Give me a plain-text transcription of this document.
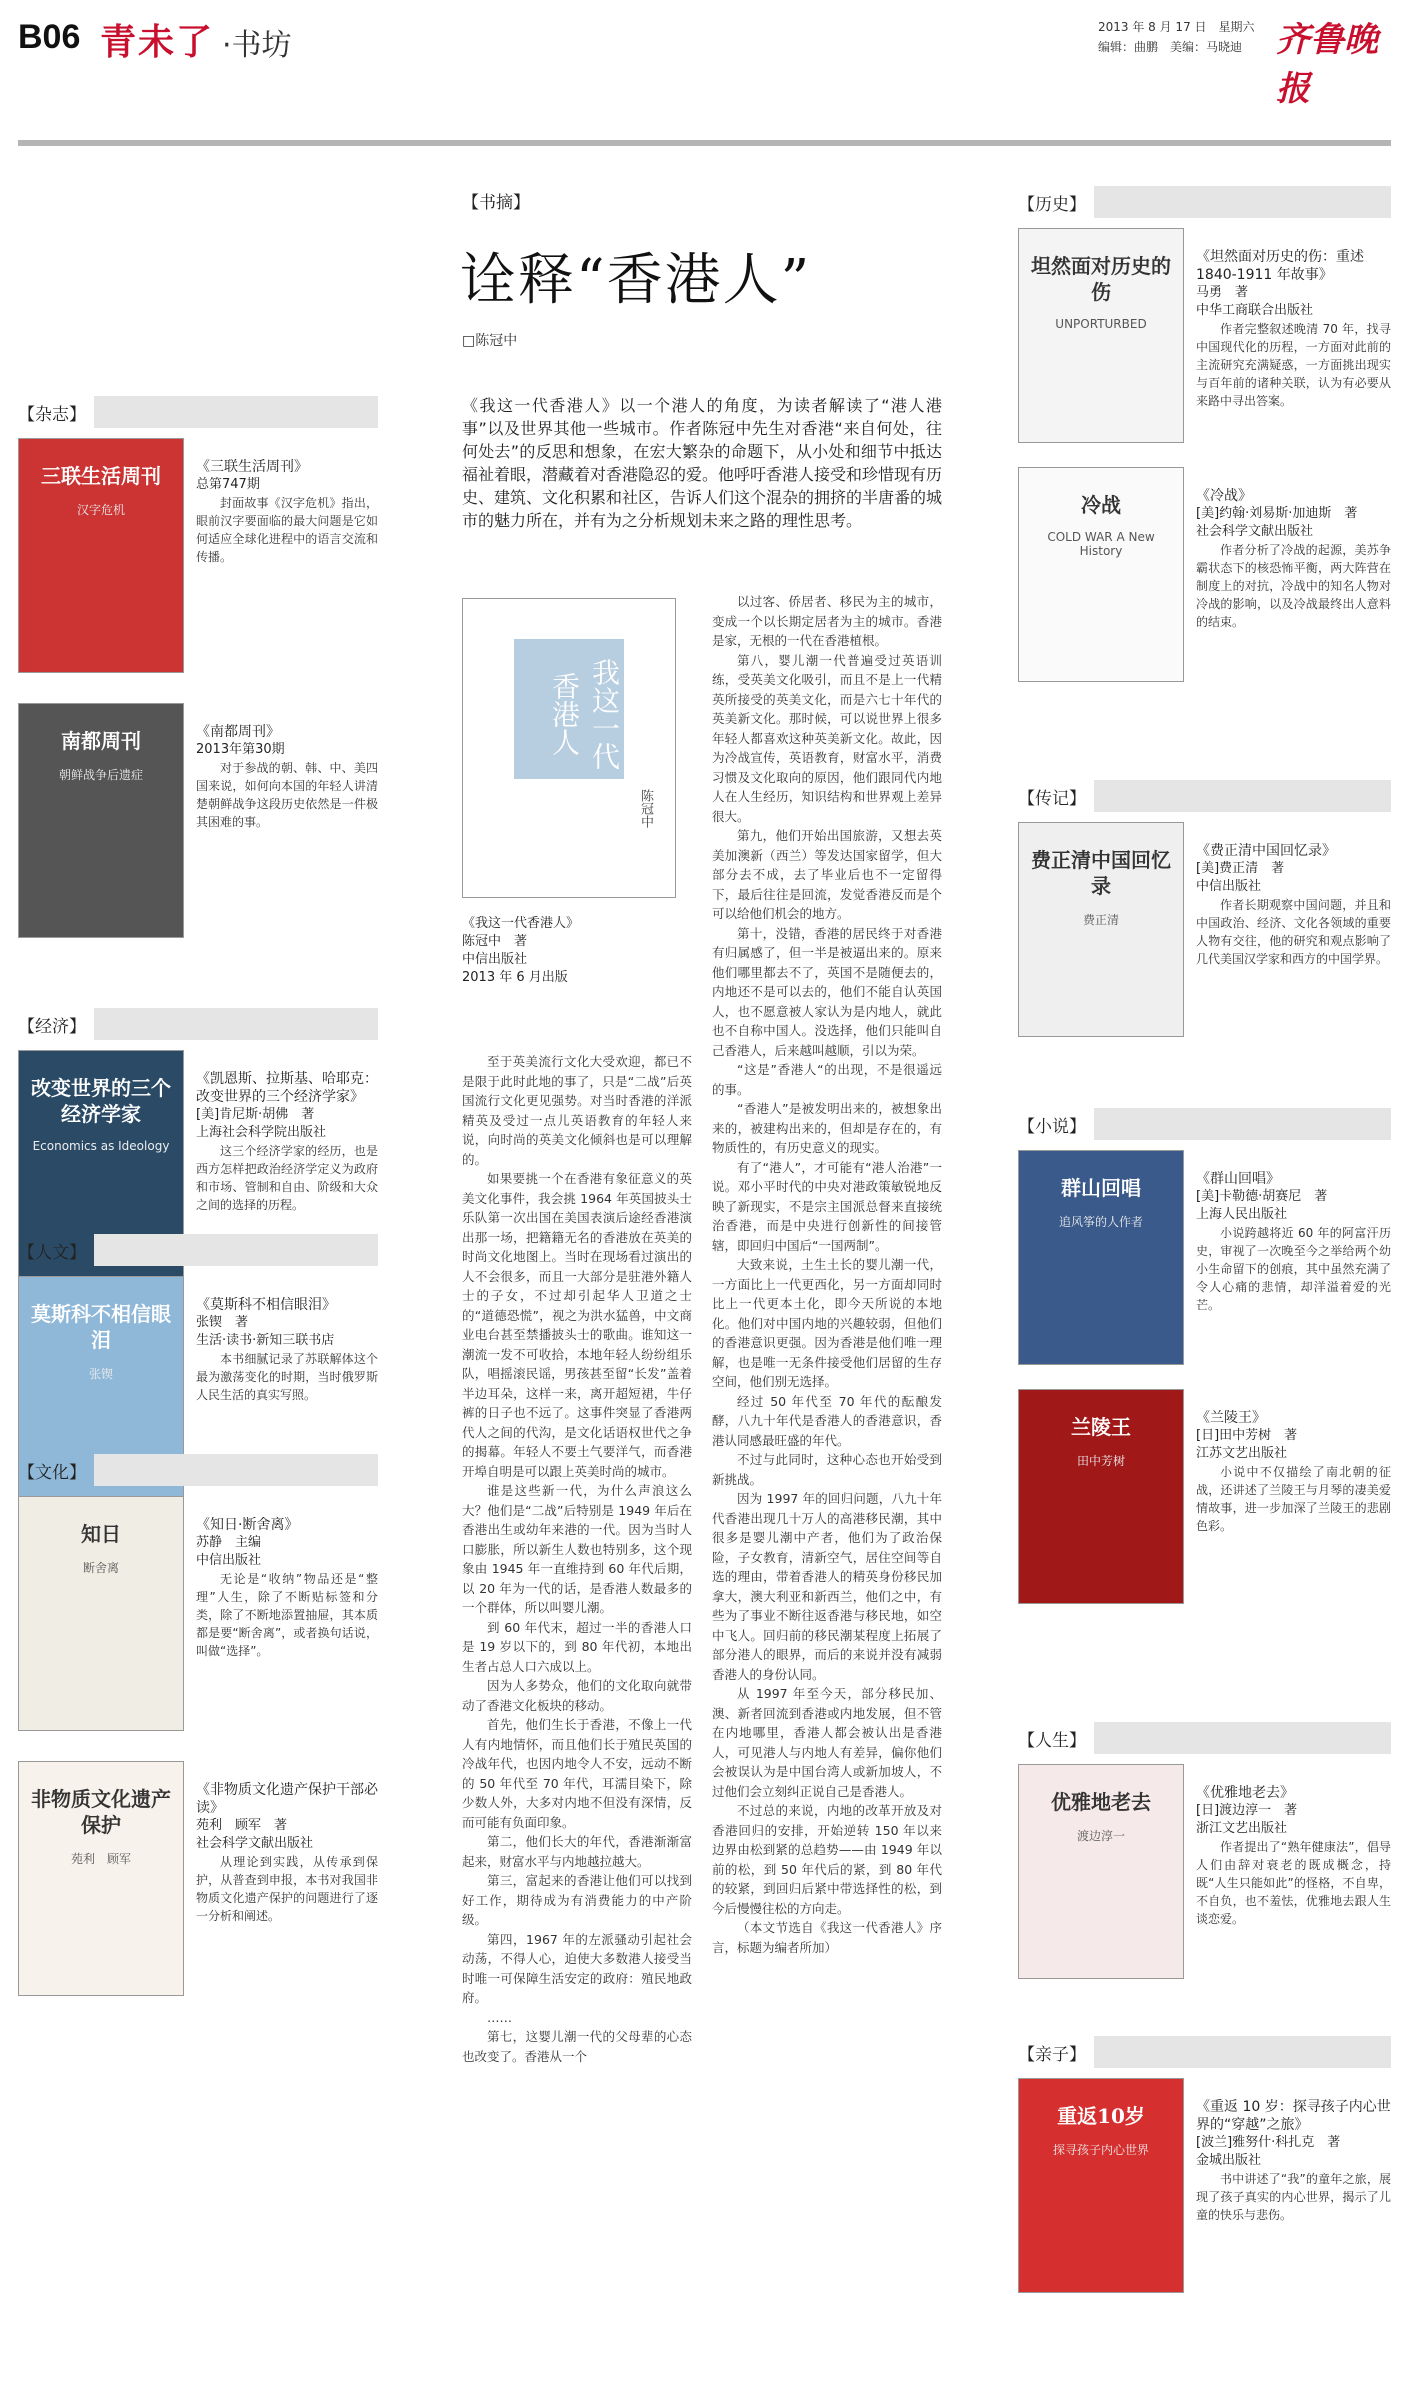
B06 青未了 ·书坊
2013 年 8 月 17 日　星期六
编辑：曲鹏　美编：马晓迪 齐鲁晚报
【书摘】
诠释“香港人”
□陈冠中
《我这一代香港人》以一个港人的角度，为读者解读了“港人港事”以及世界其他一些城市。作者陈冠中先生对香港“来自何处，往何处去”的反思和想象，在宏大繁杂的命题下，从小处和细节中抵达福祉着眼，潜藏着对香港隐忍的爱。他呼吁香港人接受和珍惜现有历史、建筑、文化积累和社区，告诉人们这个混杂的拥挤的半唐番的城市的魅力所在，并有为之分析规划未来之路的理性思考。
我这一代香港人
陈冠中
《我这一代香港人》
陈冠中　著
中信出版社
2013 年 6 月出版

至于英美流行文化大受欢迎，都已不是限于此时此地的事了，只是“二战”后英国流行文化更见强势。对当时香港的洋派精英及受过一点儿英语教育的年轻人来说，向时尚的英美文化倾斜也是可以理解的。

如果要挑一个在香港有象征意义的英美文化事件，我会挑 1964 年英国披头士乐队第一次出国在美国表演后途经香港演出那一场，把籍籍无名的香港放在英美的时尚文化地图上。当时在现场看过演出的人不会很多，而且一大部分是驻港外籍人士的子女，不过却引起华人卫道之士的“道德恐慌”，视之为洪水猛兽，中文商业电台甚至禁播披头士的歌曲。谁知这一潮流一发不可收拾，本地年轻人纷纷组乐队，唱摇滚民谣，男孩甚至留“长发”盖着半边耳朵，这样一来，离开超短裙，牛仔裤的日子也不远了。这事件突显了香港两代人之间的代沟，是文化话语权世代之争的揭幕。年轻人不要土气要洋气，而香港开埠自明是可以跟上英美时尚的城市。

谁是这些新一代，为什么声浪这么大？他们是“二战”后特别是 1949 年后在香港出生或幼年来港的一代。因为当时人口膨胀，所以新生人数也特别多，这个现象由 1945 年一直维持到 60 年代后期，以 20 年为一代的话，是香港人数最多的一个群体，所以叫婴儿潮。

到 60 年代末，超过一半的香港人口是 19 岁以下的，到 80 年代初，本地出生者占总人口六成以上。

因为人多势众，他们的文化取向就带动了香港文化板块的移动。

首先，他们生长于香港，不像上一代人有内地情怀，而且他们长于殖民英国的冷战年代，也因内地令人不安，远动不断的 50 年代至 70 年代，耳濡目染下，除少数人外，大多对内地不但没有深情，反而可能有负面印象。

第二，他们长大的年代，香港渐渐富起来，财富水平与内地越拉越大。

第三，富起来的香港让他们可以找到好工作，期待成为有消费能力的中产阶级。

第四，1967 年的左派骚动引起社会动荡，不得人心，迫使大多数港人接受当时唯一可保障生活安定的政府：殖民地政府。

……

第七，这婴儿潮一代的父母辈的心态也改变了。香港从一个

以过客、侨居者、移民为主的城市，变成一个以长期定居者为主的城市。香港是家，无根的一代在香港植根。

第八，婴儿潮一代普遍受过英语训练，受英美文化吸引，而且不是上一代精英所接受的英美文化，而是六七十年代的英美新文化。那时候，可以说世界上很多年轻人都喜欢这种英美新文化。故此，因为冷战宣传，英语教育，财富水平，消费习惯及文化取向的原因，他们跟同代内地人在人生经历，知识结构和世界观上差异很大。

第九，他们开始出国旅游，又想去英美加澳新（西兰）等发达国家留学，但大部分去不成，去了毕业后也不一定留得下，最后往往是回流，发觉香港反而是个可以给他们机会的地方。

第十，没错，香港的居民终于对香港有归属感了，但一半是被逼出来的。原来他们哪里都去不了，英国不是随便去的，内地还不是可以去的，他们不能自认英国人，也不愿意被人家认为是内地人，就此也不自称中国人。没选择，他们只能叫自己香港人，后来越叫越顺，引以为荣。

“这是”香港人“的出现，不是很遥远的事。

“香港人”是被发明出来的，被想象出来的，被建构出来的，但却是存在的，有物质性的，有历史意义的现实。

有了“港人”，才可能有“港人治港”一说。邓小平时代的中央对港政策敏锐地反映了新现实，不是宗主国派总督来直接统治香港，而是中央进行创新性的间接管辖，即回归中国后“一国两制”。

大致来说，土生土长的婴儿潮一代，一方面比上一代更西化，另一方面却同时比上一代更本土化，即今天所说的本地化。他们对中国内地的兴趣较弱，但他们的香港意识更强。因为香港是他们唯一理解，也是唯一无条件接受他们居留的生存空间，他们别无选择。

经过 50 年代至 70 年代的酝酿发酵，八九十年代是香港人的香港意识，香港认同感最旺盛的年代。

不过与此同时，这种心态也开始受到新挑战。

因为 1997 年的回归问题，八九十年代香港出现几十万人的高港移民潮，其中很多是婴儿潮中产者，他们为了政治保险，子女教育，清新空气，居住空间等自选的理由，带着香港人的精英身份移民加拿大，澳大利亚和新西兰，他们之中，有些为了事业不断往返香港与移民地，如空中飞人。回归前的移民潮某程度上拓展了部分港人的眼界，而后的来说并没有减弱香港人的身份认同。

从 1997 年至今天，部分移民加、澳、新者回流到香港或内地发展，但不管在内地哪里，香港人都会被认出是香港人，可见港人与内地人有差异，偏你他们会被误认为是中国台湾人或新加坡人，不过他们会立刻纠正说自己是香港人。

不过总的来说，内地的改革开放及对香港回归的安排，开始逆转 150 年以来边界由松到紧的总趋势——由 1949 年以前的松，到 50 年代后的紧，到 80 年代的较紧，到回归后紧中带选择性的松，到今后慢慢往松的方向走。

（本文节选自《我这一代香港人》序言，标题为编者所加）

【杂志】
三联生活周刊
汉字危机
《三联生活周刊》
总第747期
封面故事《汉字危机》指出，眼前汉字要面临的最大问题是它如何适应全球化进程中的语言交流和传播。
南都周刊
朝鲜战争后遗症
《南都周刊》
2013年第30期
对于参战的朝、韩、中、美四国来说，如何向本国的年轻人讲清楚朝鲜战争这段历史依然是一件极其困难的事。
【经济】
改变世界的三个经济学家
Economics as Ideology
《凯恩斯、拉斯基、哈耶克：改变世界的三个经济学家》
[美]肯尼斯·胡佛　著
上海社会科学院出版社
这三个经济学家的经历，也是西方怎样把政治经济学定义为政府和市场、管制和自由、阶级和大众之间的选择的历程。
【人文】
莫斯科不相信眼泪
张锲
《莫斯科不相信眼泪》
张锲　著
生活·读书·新知三联书店
本书细腻记录了苏联解体这个最为激荡变化的时期，当时俄罗斯人民生活的真实写照。
【文化】
知日
断舍离
《知日·断舍离》
苏静　主编
中信出版社
无论是“收纳”物品还是“整理”人生，除了不断贴标签和分类，除了不断地添置抽屉，其本质都是要“断舍离”，或者换句话说，叫做“选择”。
非物质文化遗产保护
苑利　顾军
《非物质文化遗产保护干部必读》
苑利　顾军　著
社会科学文献出版社
从理论到实践，从传承到保护，从普查到申报，本书对我国非物质文化遗产保护的问题进行了逐一分析和阐述。
【历史】
坦然面对历史的伤
UNPORTURBED
《坦然面对历史的伤：重述1840-1911 年故事》
马勇　著
中华工商联合出版社
作者完整叙述晚清 70 年，找寻中国现代化的历程，一方面对此前的主流研究充满疑惑，一方面挑出现实与百年前的诸种关联，认为有必要从来路中寻出答案。
冷战
COLD WAR A New History
《冷战》
[美]约翰·刘易斯·加迪斯　著
社会科学文献出版社
作者分析了冷战的起源，美苏争霸状态下的核恐怖平衡，两大阵营在制度上的对抗，冷战中的知名人物对冷战的影响，以及冷战最终出人意料的结束。
【传记】
费正清中国回忆录
费正清
《费正清中国回忆录》
[美]费正清　著
中信出版社
作者长期观察中国问题，并且和中国政治、经济、文化各领域的重要人物有交往，他的研究和观点影响了几代美国汉学家和西方的中国学界。
【小说】
群山回唱
追风筝的人作者
《群山回唱》
[美]卡勒德·胡赛尼　著
上海人民出版社
小说跨越将近 60 年的阿富汗历史，审视了一次晚至今之举给两个幼小生命留下的创痕，其中虽然充满了令人心痛的悲情，却洋溢着爱的光芒。
兰陵王
田中芳树
《兰陵王》
[日]田中芳树　著
江苏文艺出版社
小说中不仅描绘了南北朝的征战，还讲述了兰陵王与月琴的凄美爱情故事，进一步加深了兰陵王的悲剧色彩。
【人生】
优雅地老去
渡边淳一
《优雅地老去》
[日]渡边淳一　著
浙江文艺出版社
作者提出了“熟年健康法”，倡导人们由辞对衰老的既成概念，持既“人生只能如此”的怪格，不自卑，不自负，也不羞怯，优雅地去跟人生谈恋爱。
【亲子】
重返10岁
探寻孩子内心世界
《重返 10 岁：探寻孩子内心世界的“穿越”之旅》
[波兰]雅努什·科扎克　著
金城出版社
书中讲述了“我”的童年之旅，展现了孩子真实的内心世界，揭示了儿童的快乐与悲伤。
